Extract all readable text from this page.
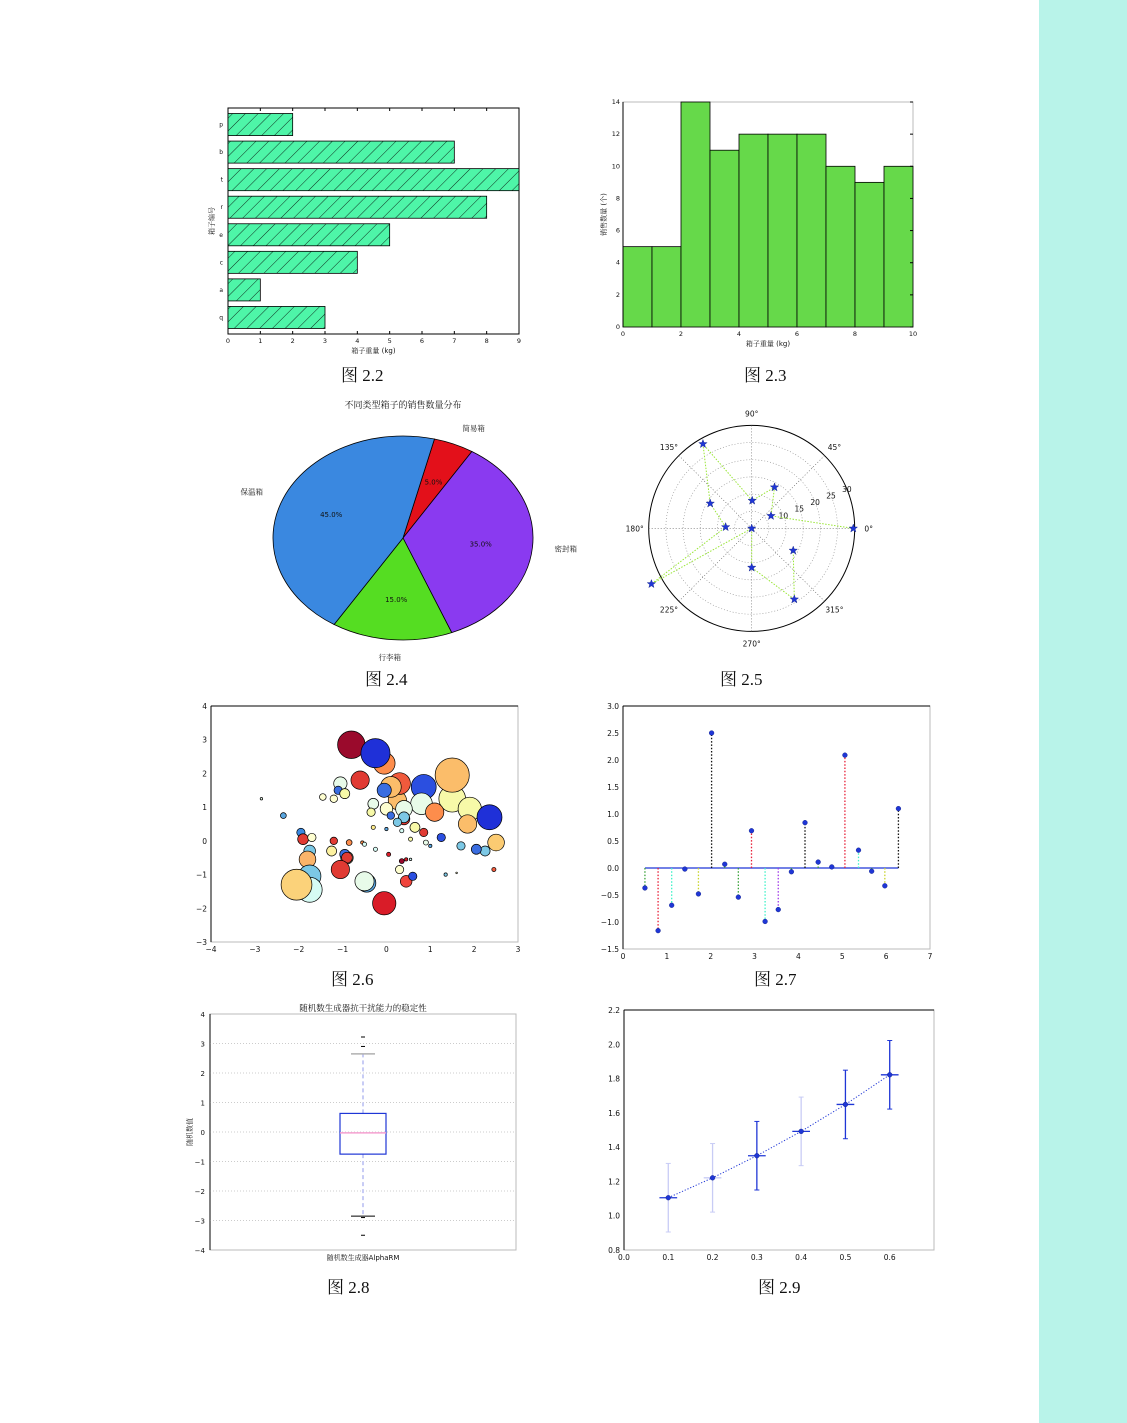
q
a
c
e
r
t
b
p
0	1	2	3	4	5	6	7	8	9
箱子重量 (kg)
箱子编号
图 2.2
0	2	4	6	8	10
0
2
4
6
8
10
12
14
箱子重量 (kg)
销售数量 (个)
图 2.3
不同类型箱子的销售数量分布
简易箱
5.0%
密封箱
35.0%
行李箱
15.0%
保温箱
45.0%
图 2.4
0°
45°
90°
135°
180°
225°
270°
315°
10
15
20
25
30
图 2.5
−4	−3	−2	−1	0	1	2	3
−3
−2
−1
0
1
2
3
4
图 2.6
0	1	2	3	4	5	6	7
−1.5
−1.0
−0.5
0.0
0.5
1.0
1.5
2.0
2.5
3.0
图 2.7
随机数生成器抗干扰能力的稳定性
−4
−3
−2
−1
0
1
2
3
4
随机数生成器AlphaRM
随机数值
图 2.8
0.0	0.1	0.2	0.3	0.4	0.5	0.6
0.8
1.0
1.2
1.4
1.6
1.8
2.0
2.2
图 2.9
